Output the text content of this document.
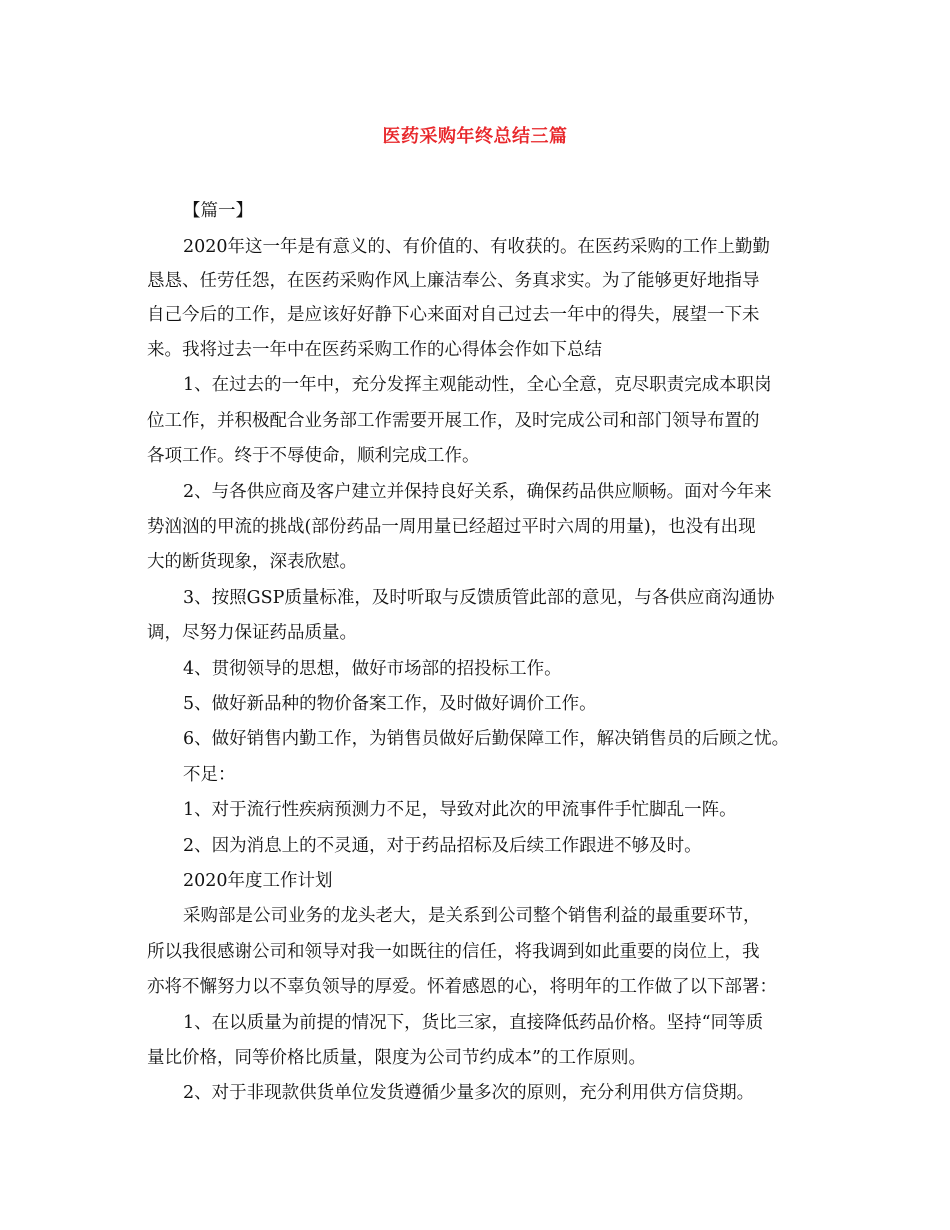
医药采购年终总结三篇
【篇一】
2020年这一年是有意义的、有价值的、有收获的。在医药采购的工作上勤勤
恳恳、任劳任怨，在医药采购作风上廉洁奉公、务真求实。为了能够更好地指导
自己今后的工作，是应该好好静下心来面对自己过去一年中的得失，展望一下未
来。我将过去一年中在医药采购工作的心得体会作如下总结
1、在过去的一年中，充分发挥主观能动性，全心全意，克尽职责完成本职岗
位工作，并积极配合业务部工作需要开展工作，及时完成公司和部门领导布置的
各项工作。终于不辱使命，顺利完成工作。
2、与各供应商及客户建立并保持良好关系，确保药品供应顺畅。面对今年来
势汹汹的甲流的挑战(部份药品一周用量已经超过平时六周的用量)，也没有出现
大的断货现象，深表欣慰。
3、按照GSP质量标准，及时听取与反馈质管此部的意见，与各供应商沟通协
调，尽努力保证药品质量。
4、贯彻领导的思想，做好市场部的招投标工作。
5、做好新品种的物价备案工作，及时做好调价工作。
6、做好销售内勤工作，为销售员做好后勤保障工作，解决销售员的后顾之忧。
不足：
1、对于流行性疾病预测力不足，导致对此次的甲流事件手忙脚乱一阵。
2、因为消息上的不灵通，对于药品招标及后续工作跟进不够及时。
2020年度工作计划
采购部是公司业务的龙头老大，是关系到公司整个销售利益的最重要环节，
所以我很感谢公司和领导对我一如既往的信任，将我调到如此重要的岗位上，我
亦将不懈努力以不辜负领导的厚爱。怀着感恩的心，将明年的工作做了以下部署：
1、在以质量为前提的情况下，货比三家，直接降低药品价格。坚持“同等质
量比价格，同等价格比质量，限度为公司节约成本”的工作原则。
2、对于非现款供货单位发货遵循少量多次的原则，充分利用供方信贷期。
